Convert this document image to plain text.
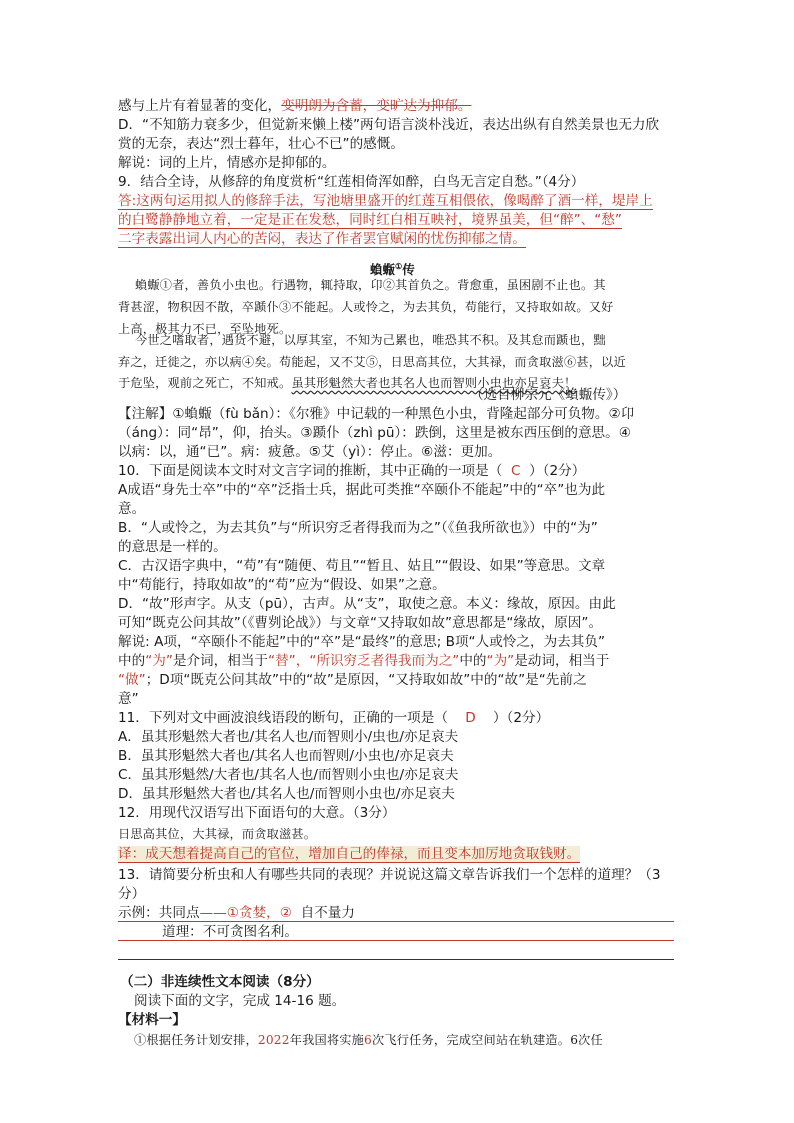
感与上片有着显著的变化，变明朗为含蓄，变旷达为抑郁。
D．“不知筋力衰多少，但觉新来懒上楼”两句语言淡朴浅近，表达出纵有自然美景也无力欣
赏的无奈，表达“烈士暮年，壮心不已”的感慨。
解说：词的上片，情感亦是抑郁的。
9．结合全诗，从修辞的角度赏析“红莲相倚浑如醉，白鸟无言定自愁。”（4分）
答:这两句运用拟人的修辞手法，写池塘里盛开的红莲互相偎依，像喝醉了酒一样，堤岸上
的白鹭静静地立着，一定是正在发愁，同时红白相互映衬，境界虽美，但“醉”、“愁”
二字表露出词人内心的苦闷，表达了作者罢官赋闲的忧伤抑郁之情。
蝜蝂①传
蝜蝂①者，善负小虫也。行遇物，辄持取，卬②其首负之。背愈重，虽困剧不止也。其
背甚涩，物积因不散，卒踬仆③不能起。人或怜之，为去其负，苟能行，又持取如故。又好
上高，极其力不已，至坠地死。
今世之嗜取者，遇货不避，以厚其室，不知为己累也，唯恐其不积。及其怠而踬也，黜
弃之，迁徙之，亦以病④矣。苟能起，又不艾⑤，日思高其位，大其禄，而贪取滋⑥甚，以近
于危坠，观前之死亡，不知戒。虽其形魁然大者也其名人也而智则小虫也亦足哀夫！
（选自柳宗元《蝜蝂传》）
【注解】①蝜蝂（fù bǎn）：《尔雅》中记载的一种黑色小虫，背隆起部分可负物。②卬
（áng）：同“昂”，仰，抬头。③踬仆（zhì pū）：跌倒，这里是被东西压倒的意思。④
以病：以，通“已”。病：疲惫。⑤艾（yì）：停止。⑥滋：更加。
10．下面是阅读本文时对文言字词的推断，其中正确的一项是（ C ）（2分）
A成语“身先士卒”中的“卒”泛指士兵，据此可类推“卒颐仆不能起”中的“卒”也为此
意。
B．“人或怜之，为去其负”与“所识穷乏者得我而为之”（《鱼我所欲也》）中的“为”
的意思是一样的。
C．古汉语字典中，“苟”有“随便、苟且”“暂且、姑且”“假设、如果”等意思。文章
中“苟能行，持取如故”的“苟”应为“假设、如果”之意。
D．“故”形声字。从支（pū），古声。从“支”，取使之意。本义：缘故，原因。由此
可知“既克公问其故”（《曹刿论战》）与文章“又持取如故”意思都是“缘故，原因”。
解说: A项，“卒颐仆不能起”中的“卒”是“最终”的意思; B项“人或怜之，为去其负”
中的“为”是介词，相当于“替”，“所识穷乏者得我而为之”中的“为”是动词，相当于
“做”；D项“既克公问其故”中的“故”是原因，“又持取如故”中的“故”是“先前之
意”
11．下列对文中画波浪线语段的断句，正确的一项是（ D ）（2分）
A．虽其形魁然大者也/其名人也/而智则小/虫也/亦足哀夫
B．虽其形魁然大者也/其名人也而智则/小虫也/亦足哀夫
C．虽其形魁然/大者也/其名人也/而智则小虫也/亦足哀夫
D．虽其形魁然大者也/其名人也/而智则小虫也/亦足哀夫
12．用现代汉语写出下面语句的大意。（3分）
日思高其位，大其禄，而贪取滋甚。
译：成天想着提高自己的官位，增加自己的俸禄，而且变本加厉地贪取钱财。
13．请简要分析虫和人有哪些共同的表现？并说说这篇文章告诉我们一个怎样的道理？（3
分）
示例：共同点——①贪婪，② 自不量力
道理：不可贪图名利。
（二）非连续性文本阅读（8分）
阅读下面的文字，完成 14-16 题。
【材料一】
①根据任务计划安排，2022年我国将实施6次飞行任务，完成空间站在轨建造。6次任
